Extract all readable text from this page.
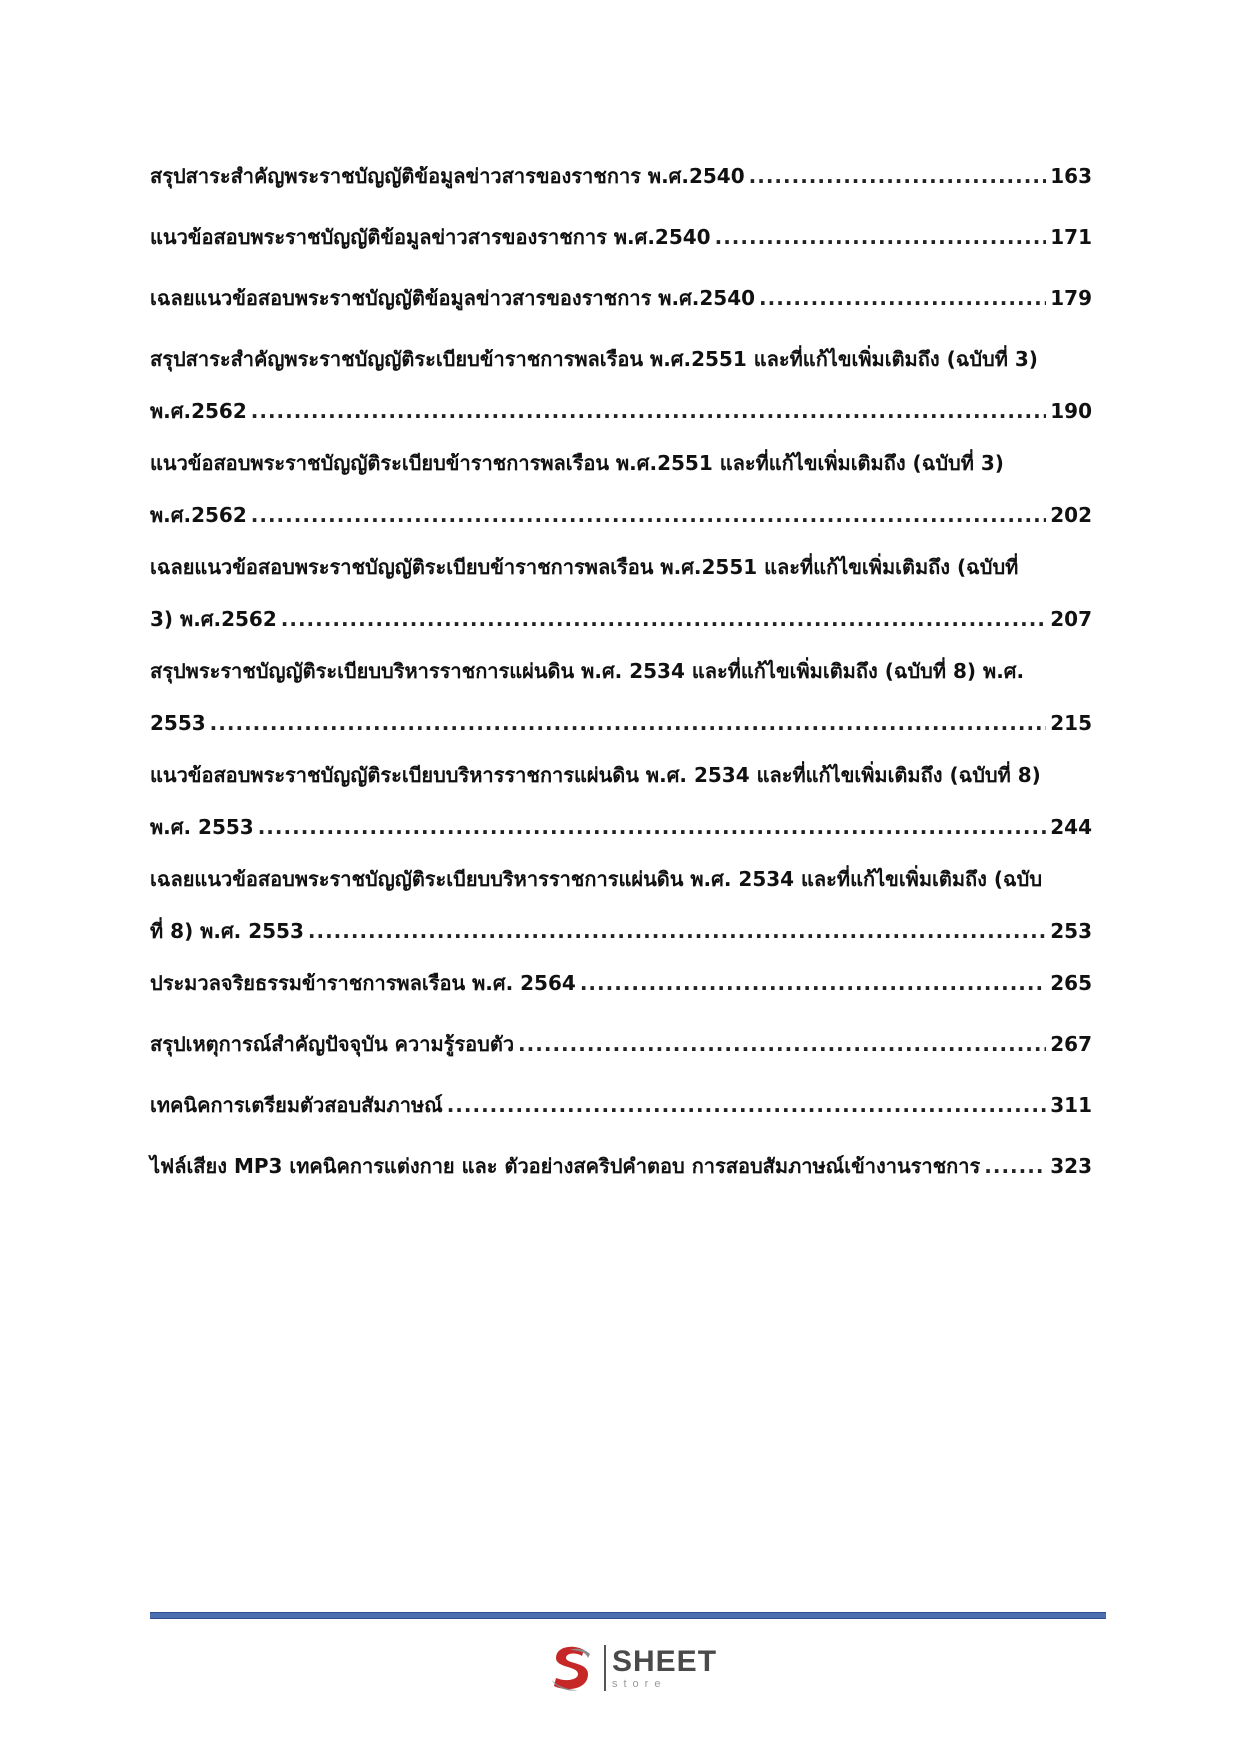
สรุปสาระสำคัญพระราชบัญญัติข้อมูลข่าวสารของราชการ พ.ศ.2540 .....	163
แนวข้อสอบพระราชบัญญัติข้อมูลข่าวสารของราชการ พ.ศ.2540 .....	171
เฉลยแนวข้อสอบพระราชบัญญัติข้อมูลข่าวสารของราชการ พ.ศ.2540 .....	179
สรุปสาระสำคัญพระราชบัญญัติระเบียบข้าราชการพลเรือน พ.ศ.2551 และที่แก้ไขเพิ่มเติมถึง (ฉบับที่ 3)
พ.ศ.2562 .....	190
แนวข้อสอบพระราชบัญญัติระเบียบข้าราชการพลเรือน พ.ศ.2551 และที่แก้ไขเพิ่มเติมถึง (ฉบับที่ 3)
พ.ศ.2562 .....	202
เฉลยแนวข้อสอบพระราชบัญญัติระเบียบข้าราชการพลเรือน พ.ศ.2551 และที่แก้ไขเพิ่มเติมถึง (ฉบับที่
3) พ.ศ.2562 .....	207
สรุปพระราชบัญญัติระเบียบบริหารราชการแผ่นดิน พ.ศ. 2534 และที่แก้ไขเพิ่มเติมถึง (ฉบับที่ 8) พ.ศ.
2553 .....	215
แนวข้อสอบพระราชบัญญัติระเบียบบริหารราชการแผ่นดิน พ.ศ. 2534 และที่แก้ไขเพิ่มเติมถึง (ฉบับที่ 8)
พ.ศ. 2553 .....	244
เฉลยแนวข้อสอบพระราชบัญญัติระเบียบบริหารราชการแผ่นดิน พ.ศ. 2534 และที่แก้ไขเพิ่มเติมถึง (ฉบับ
ที่ 8) พ.ศ. 2553 .....	253
ประมวลจริยธรรมข้าราชการพลเรือน พ.ศ. 2564 .....	265
สรุปเหตุการณ์สำคัญปัจจุบัน ความรู้รอบตัว .....	267
เทคนิคการเตรียมตัวสอบสัมภาษณ์ .....	311
ไฟล์เสียง MP3 เทคนิคการแต่งกาย และ ตัวอย่างสคริปคำตอบ การสอบสัมภาษณ์เข้างานราชการ .....	323
SHEET
store
